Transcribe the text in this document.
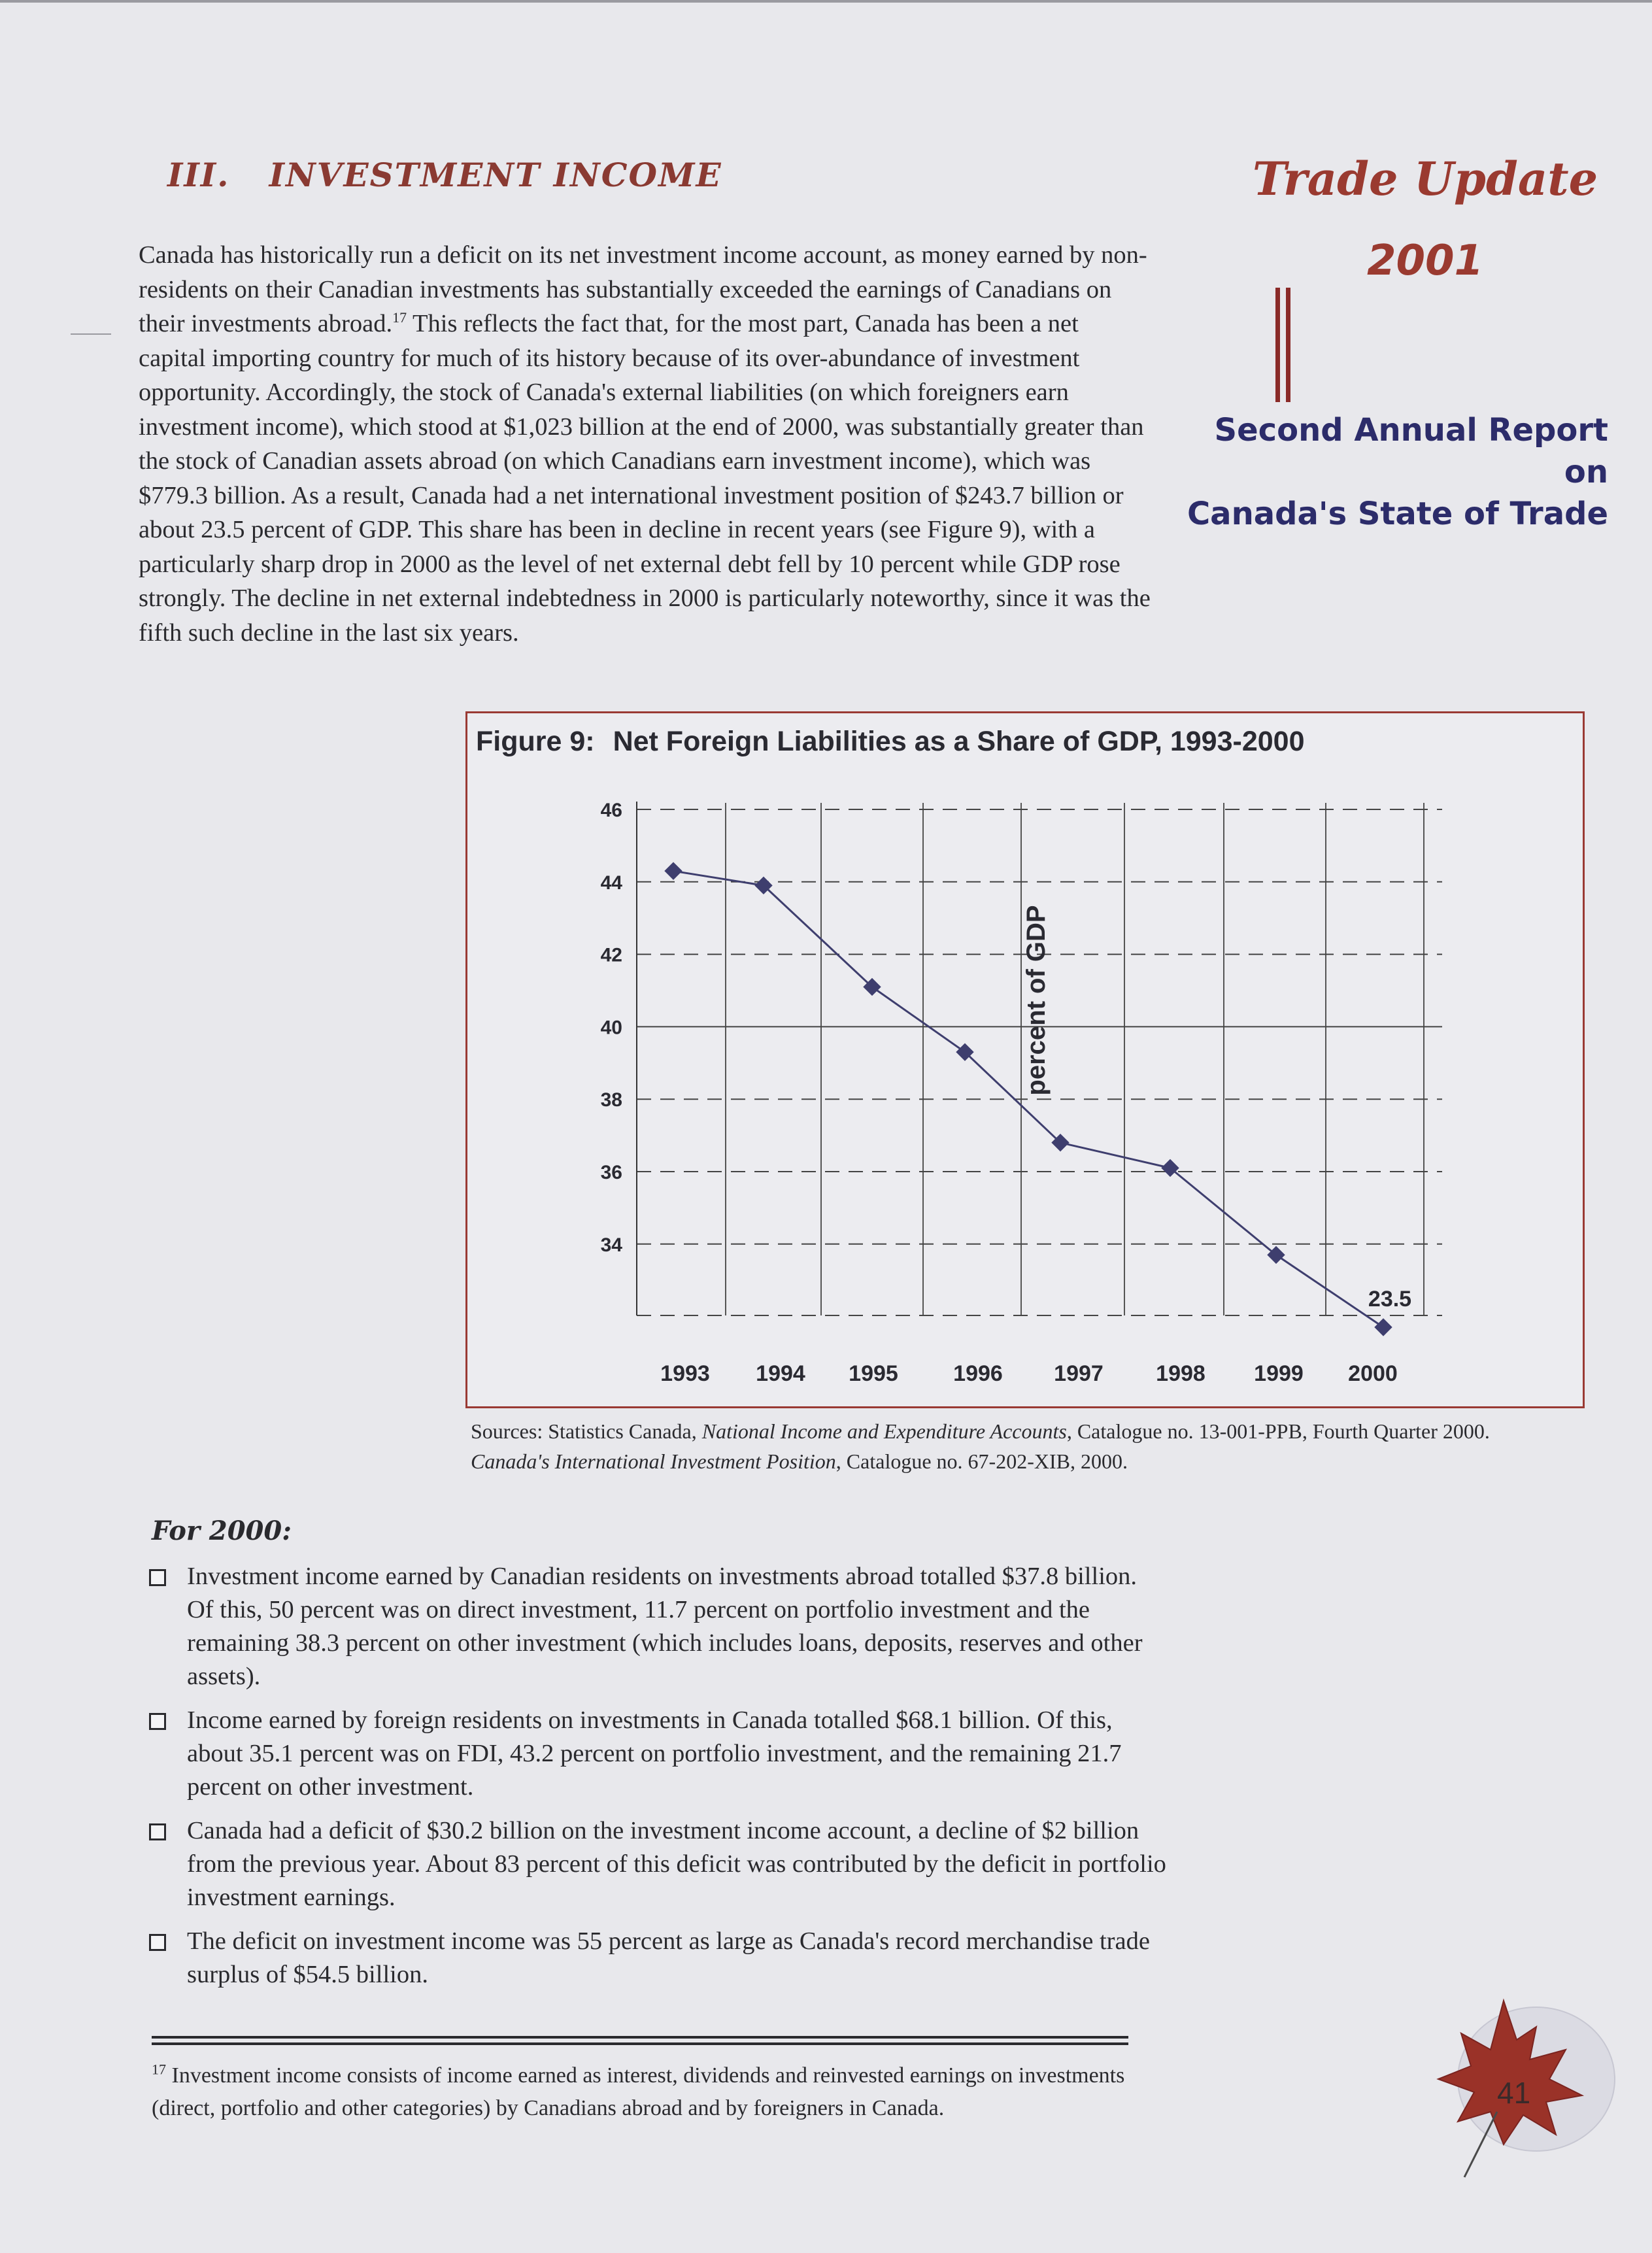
III. INVESTMENT INCOME	Trade Update
2001
Second Annual Report on
Canada's State of Trade
Canada has historically run a deficit on its net investment income account, as money earned by non-residents on their Canadian investments has substantially exceeded the earnings of Canadians on their investments abroad.$^{17}$ This reflects the fact that, for the most part, Canada has been a net capital importing country for much of its history because of its over-abundance of investment opportunity. Accordingly, the stock of Canada's external liabilities (on which foreigners earn investment income), which stood at $1,023 billion at the end of 2000, was substantially greater than the stock of Canadian assets abroad (on which Canadians earn investment income), which was $779.3 billion. As a result, Canada had a net international investment position of $243.7 billion or about 23.5 percent of GDP. This share has been in decline in recent years (see Figure 9), with a particularly sharp drop in 2000 as the level of net external debt fell by 10 percent while GDP rose strongly. The decline in net external indebtedness in 2000 is particularly noteworthy, since it was the fifth such decline in the last six years.
Figure 9: Net Foreign Liabilities as a Share of GDP, 1993-2000
46
44
42
40
38
36
34
1993 1994 1995 1996 1997 1998 1999 2000
23.5
percent of GDP
Sources: Statistics Canada, National Income and Expenditure Accounts, Catalogue no. 13-001-PPB, Fourth Quarter 2000.
Canada's International Investment Position, Catalogue no. 67-202-XIB, 2000.
For 2000:
Investment income earned by Canadian residents on investments abroad totalled $37.8 billion. Of this, 50 percent was on direct investment, 11.7 percent on portfolio investment and the remaining 38.3 percent on other investment (which includes loans, deposits, reserves and other assets).
Income earned by foreign residents on investments in Canada totalled $68.1 billion. Of this, about 35.1 percent was on FDI, 43.2 percent on portfolio investment, and the remaining 21.7 percent on other investment.
Canada had a deficit of $30.2 billion on the investment income account, a decline of $2 billion from the previous year. About 83 percent of this deficit was contributed by the deficit in portfolio investment earnings.
The deficit on investment income was 55 percent as large as Canada's record merchandise trade surplus of $54.5 billion.
$^{17}$ Investment income consists of income earned as interest, dividends and reinvested earnings on investments (direct, portfolio and other categories) by Canadians abroad and by foreigners in Canada.	41
